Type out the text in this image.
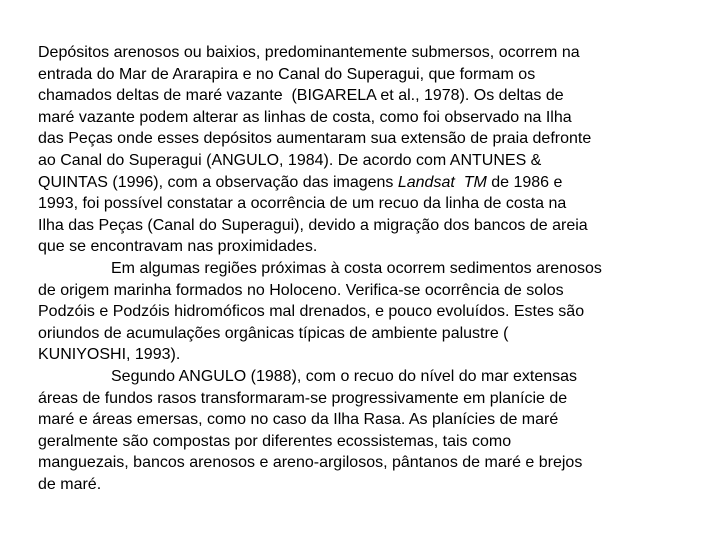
Depósitos arenosos ou baixios, predominantemente submersos, ocorrem na
entrada do Mar de Ararapira e no Canal do Superagui, que formam os
chamados deltas de maré vazante  (BIGARELA et al., 1978). Os deltas de
maré vazante podem alterar as linhas de costa, como foi observado na Ilha
das Peças onde esses depósitos aumentaram sua extensão de praia defronte
ao Canal do Superagui (ANGULO, 1984). De acordo com ANTUNES &
QUINTAS (1996), com a observação das imagens Landsat  TM de 1986 e
1993, foi possível constatar a ocorrência de um recuo da linha de costa na
Ilha das Peças (Canal do Superagui), devido a migração dos bancos de areia
que se encontravam nas proximidades.
Em algumas regiões próximas à costa ocorrem sedimentos arenosos
de origem marinha formados no Holoceno. Verifica-se ocorrência de solos
Podzóis e Podzóis hidromóficos mal drenados, e pouco evoluídos. Estes são
oriundos de acumulações orgânicas típicas de ambiente palustre (
KUNIYOSHI, 1993).
Segundo ANGULO (1988), com o recuo do nível do mar extensas
áreas de fundos rasos transformaram-se progressivamente em planície de
maré e áreas emersas, como no caso da Ilha Rasa. As planícies de maré
geralmente são compostas por diferentes ecossistemas, tais como
manguezais, bancos arenosos e areno-argilosos, pântanos de maré e brejos
de maré.
